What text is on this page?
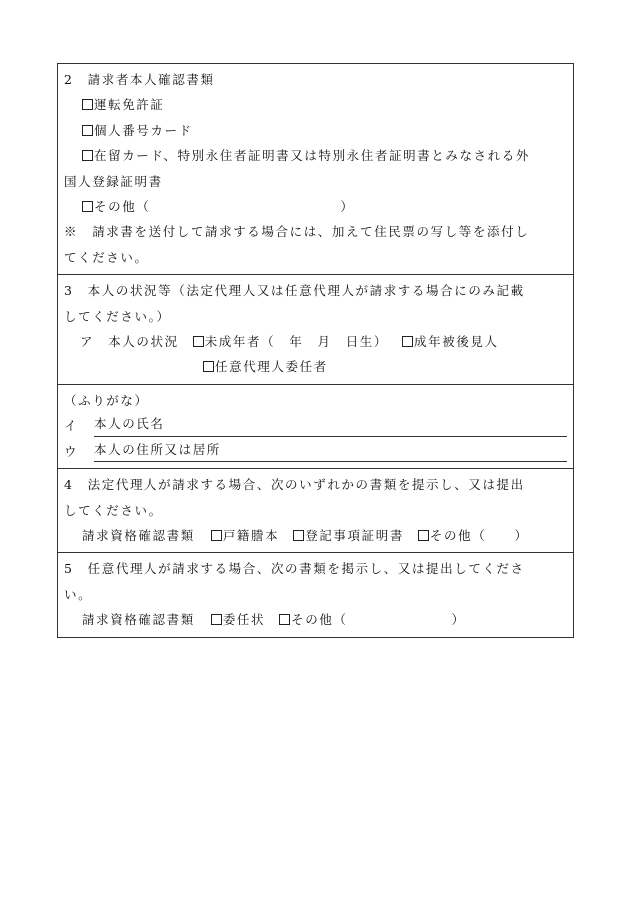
2　請求者本人確認書類
運転免許証
個人番号カード
在留カード、特別永住者証明書又は特別永住者証明書とみなされる外
国人登録証明書
その他（	）
※　請求書を送付して請求する場合には、加えて住民票の写し等を添付し
てください。
3　本人の状況等（法定代理人又は任意代理人が請求する場合にのみ記載
してください。）
ア　本人の状況 未成年者（　年　月　日生） 成年被後見人
任意代理人委任者
（ふりがな）
イ	本人の氏名
ウ	本人の住所又は居所
4　法定代理人が請求する場合、次のいずれかの書類を提示し、又は提出
してください。
請求資格確認書類 戸籍謄本 登記事項証明書 その他（　　）
5　任意代理人が請求する場合、次の書類を掲示し、又は提出してくださ
い。
請求資格確認書類 委任状 その他（	）
